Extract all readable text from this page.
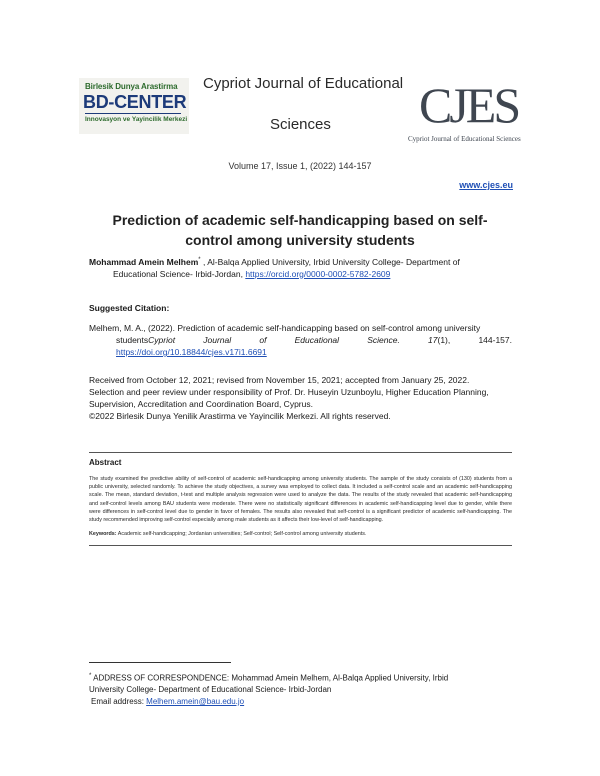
Birlesik Dunya Arastirma
BD-CENTER
Innovasyon ve Yayincilik Merkezi
Cypriot Journal of Educational
Sciences CJES
Cypriot Journal of Educational Sciences
Volume 17, Issue 1, (2022) 144-157
www.cjes.eu
Prediction of academic self-handicapping based on self-
control among university students
Mohammad Amein Melhem* , Al-Balqa Applied University, Irbid University College- Department of
Educational Science- Irbid-Jordan, https://orcid.org/0000-0002-5782-2609
Suggested Citation:
Melhem, M. A., (2022). Prediction of academic self-handicapping based on self-control among university
studentsCypriot	Journal	of	Educational	Science.	17(1),	144-157.
https://doi.org/10.18844/cjes.v17i1.6691
Received from October 12, 2021; revised from November 15, 2021; accepted from January 25, 2022.
Selection and peer review under responsibility of Prof. Dr. Huseyin Uzunboylu, Higher Education Planning,
Supervision, Accreditation and Coordination Board, Cyprus.
©2022 Birlesik Dunya Yenilik Arastirma ve Yayincilik Merkezi. All rights reserved.
Abstract
The study examined the predictive ability of self-control of academic self-handicapping among university students. The sample of the study consists of (130) students from a public university, selected randomly. To achieve the study objectives, a survey was employed to collect data. It included a self-control scale and an academic self-handicapping scale. The mean, standard deviation, t-test and multiple analysis regression were used to analyze the data. The results of the study revealed that academic self-handicapping and self-control levels among BAU students were moderate. There were no statistically significant differences in academic self-handicapping level due to gender, while there were differences in self-control level due to gender in favor of females. The results also revealed that self-control is a significant predictor of academic self-handicapping. The study recommended improving self-control especially among male students as it affects their low-level of self-handicapping.
Keywords: Academic self-handicapping; Jordanian universities; Self-control; Self-control among university students.
* ADDRESS OF CORRESPONDENCE: Mohammad Amein Melhem, Al-Balqa Applied University, Irbid
University College- Department of Educational Science- Irbid-Jordan
Email address: Melhem.amein@bau.edu.jo
